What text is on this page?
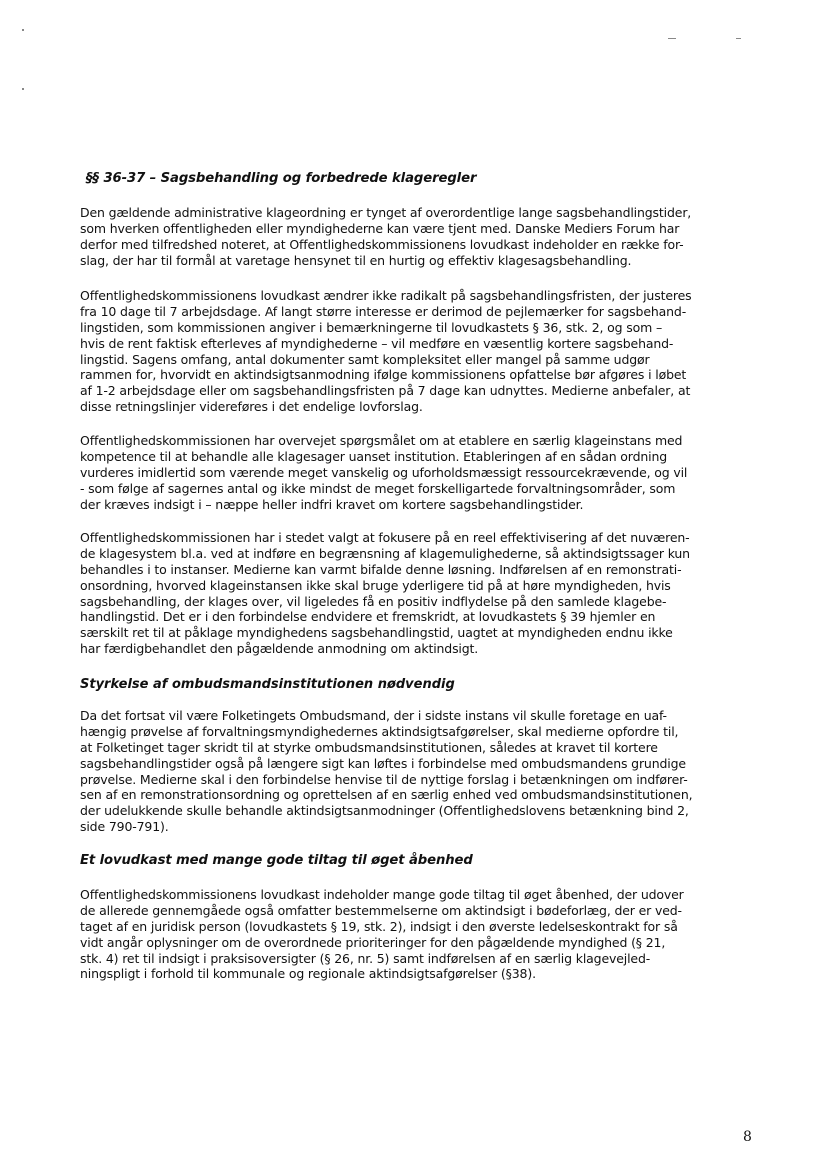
§§ 36-37 – Sagsbehandling og forbedrede klageregler
Den gældende administrative klageordning er tynget af overordentlige lange sagsbehandlingstider,
som hverken offentligheden eller myndighederne kan være tjent med. Danske Mediers Forum har
derfor med tilfredshed noteret, at Offentlighedskommissionens lovudkast indeholder en række for-
slag, der har til formål at varetage hensynet til en hurtig og effektiv klagesagsbehandling.
Offentlighedskommissionens lovudkast ændrer ikke radikalt på sagsbehandlingsfristen, der justeres
fra 10 dage til 7 arbejdsdage. Af langt større interesse er derimod de pejlemærker for sagsbehand-
lingstiden, som kommissionen angiver i bemærkningerne til lovudkastets § 36, stk. 2, og som –
hvis de rent faktisk efterleves af myndighederne – vil medføre en væsentlig kortere sagsbehand-
lingstid. Sagens omfang, antal dokumenter samt kompleksitet eller mangel på samme udgør
rammen for, hvorvidt en aktindsigtsanmodning ifølge kommissionens opfattelse bør afgøres i løbet
af 1-2 arbejdsdage eller om sagsbehandlingsfristen på 7 dage kan udnyttes. Medierne anbefaler, at
disse retningslinjer videreføres i det endelige lovforslag.
Offentlighedskommissionen har overvejet spørgsmålet om at etablere en særlig klageinstans med
kompetence til at behandle alle klagesager uanset institution. Etableringen af en sådan ordning
vurderes imidlertid som værende meget vanskelig og uforholdsmæssigt ressourcekrævende, og vil
- som følge af sagernes antal og ikke mindst de meget forskelligartede forvaltningsområder, som
der kræves indsigt i – næppe heller indfri kravet om kortere sagsbehandlingstider.
Offentlighedskommissionen har i stedet valgt at fokusere på en reel effektivisering af det nuværen-
de klagesystem bl.a. ved at indføre en begrænsning af klagemulighederne, så aktindsigtssager kun
behandles i to instanser. Medierne kan varmt bifalde denne løsning. Indførelsen af en remonstrati-
onsordning, hvorved klageinstansen ikke skal bruge yderligere tid på at høre myndigheden, hvis
sagsbehandling, der klages over, vil ligeledes få en positiv indflydelse på den samlede klagebe-
handlingstid. Det er i den forbindelse endvidere et fremskridt, at lovudkastets § 39 hjemler en
særskilt ret til at påklage myndighedens sagsbehandlingstid, uagtet at myndigheden endnu ikke
har færdigbehandlet den pågældende anmodning om aktindsigt.
Styrkelse af ombudsmandsinstitutionen nødvendig
Da det fortsat vil være Folketingets Ombudsmand, der i sidste instans vil skulle foretage en uaf-
hængig prøvelse af forvaltningsmyndighedernes aktindsigtsafgørelser, skal medierne opfordre til,
at Folketinget tager skridt til at styrke ombudsmandsinstitutionen, således at kravet til kortere
sagsbehandlingstider også på længere sigt kan løftes i forbindelse med ombudsmandens grundige
prøvelse. Medierne skal i den forbindelse henvise til de nyttige forslag i betænkningen om indfører-
sen af en remonstrationsordning og oprettelsen af en særlig enhed ved ombudsmandsinstitutionen,
der udelukkende skulle behandle aktindsigtsanmodninger (Offentlighedslovens betænkning bind 2,
side 790-791).
Et lovudkast med mange gode tiltag til øget åbenhed
Offentlighedskommissionens lovudkast indeholder mange gode tiltag til øget åbenhed, der udover
de allerede gennemgåede også omfatter bestemmelserne om aktindsigt i bødeforlæg, der er ved-
taget af en juridisk person (lovudkastets § 19, stk. 2), indsigt i den øverste ledelseskontrakt for så
vidt angår oplysninger om de overordnede prioriteringer for den pågældende myndighed (§ 21,
stk. 4) ret til indsigt i praksisoversigter (§ 26, nr. 5) samt indførelsen af en særlig klagevejled-
ningspligt i forhold til kommunale og regionale aktindsigtsafgørelser (§38).
8
